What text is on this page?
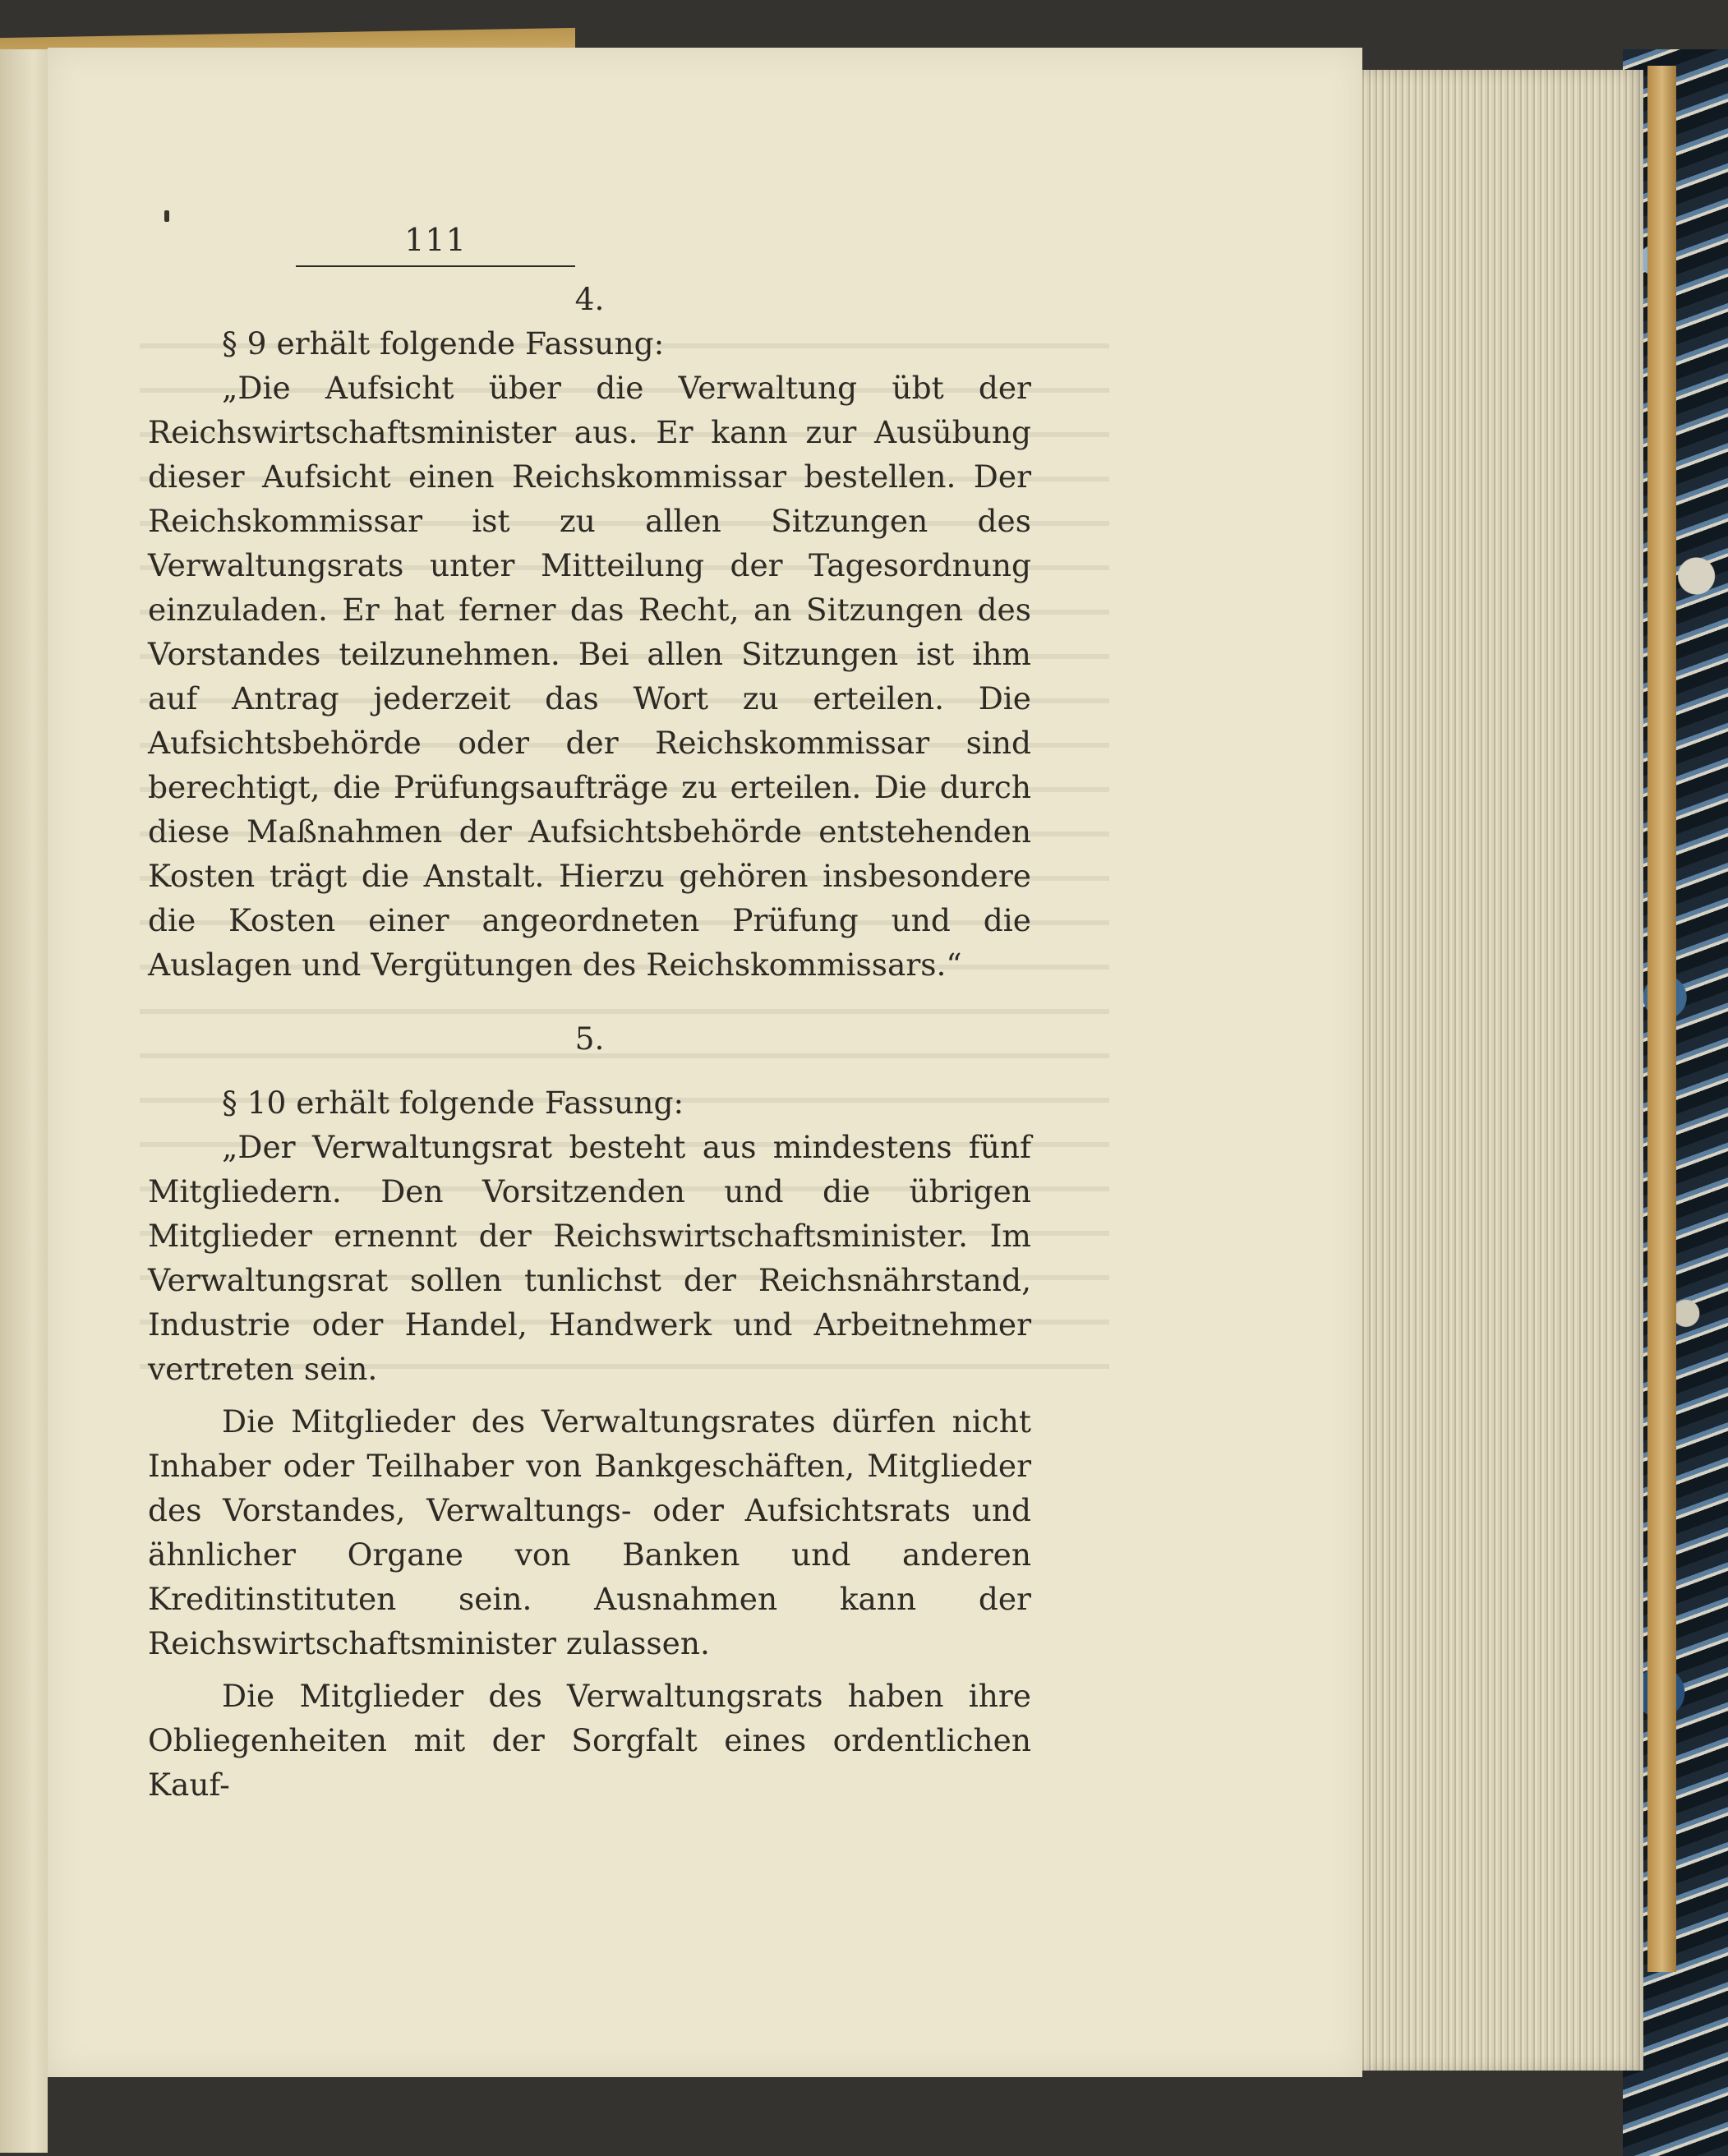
111
4.

§ 9 erhält folgende Fassung:

„Die Aufsicht über die Verwaltung übt der Reichswirtschaftsminister aus. Er kann zur Ausübung dieser Aufsicht einen Reichskommissar bestellen. Der Reichskommissar ist zu allen Sitzungen des Verwaltungsrats unter Mitteilung der Tagesordnung einzuladen. Er hat ferner das Recht, an Sitzungen des Vorstandes teilzunehmen. Bei allen Sitzungen ist ihm auf Antrag jederzeit das Wort zu erteilen. Die Aufsichtsbehörde oder der Reichskommissar sind berechtigt, die Prüfungsaufträge zu erteilen. Die durch diese Maßnahmen der Aufsichtsbehörde entstehenden Kosten trägt die Anstalt. Hierzu gehören insbesondere die Kosten einer angeordneten Prüfung und die Auslagen und Vergütungen des Reichskommissars.“

5.

§ 10 erhält folgende Fassung:

„Der Verwaltungsrat besteht aus mindestens fünf Mitgliedern. Den Vorsitzenden und die übrigen Mitglieder ernennt der Reichswirtschaftsminister. Im Verwaltungsrat sollen tunlichst der Reichsnährstand, Industrie oder Handel, Handwerk und Arbeitnehmer vertreten sein.

Die Mitglieder des Verwaltungsrates dürfen nicht Inhaber oder Teilhaber von Bankgeschäften, Mitglieder des Vorstandes, Verwaltungs- oder Aufsichtsrats und ähnlicher Organe von Banken und anderen Kreditinstituten sein. Ausnahmen kann der Reichswirtschaftsminister zulassen.

Die Mitglieder des Verwaltungsrats haben ihre Obliegenheiten mit der Sorgfalt eines ordentlichen Kauf-
